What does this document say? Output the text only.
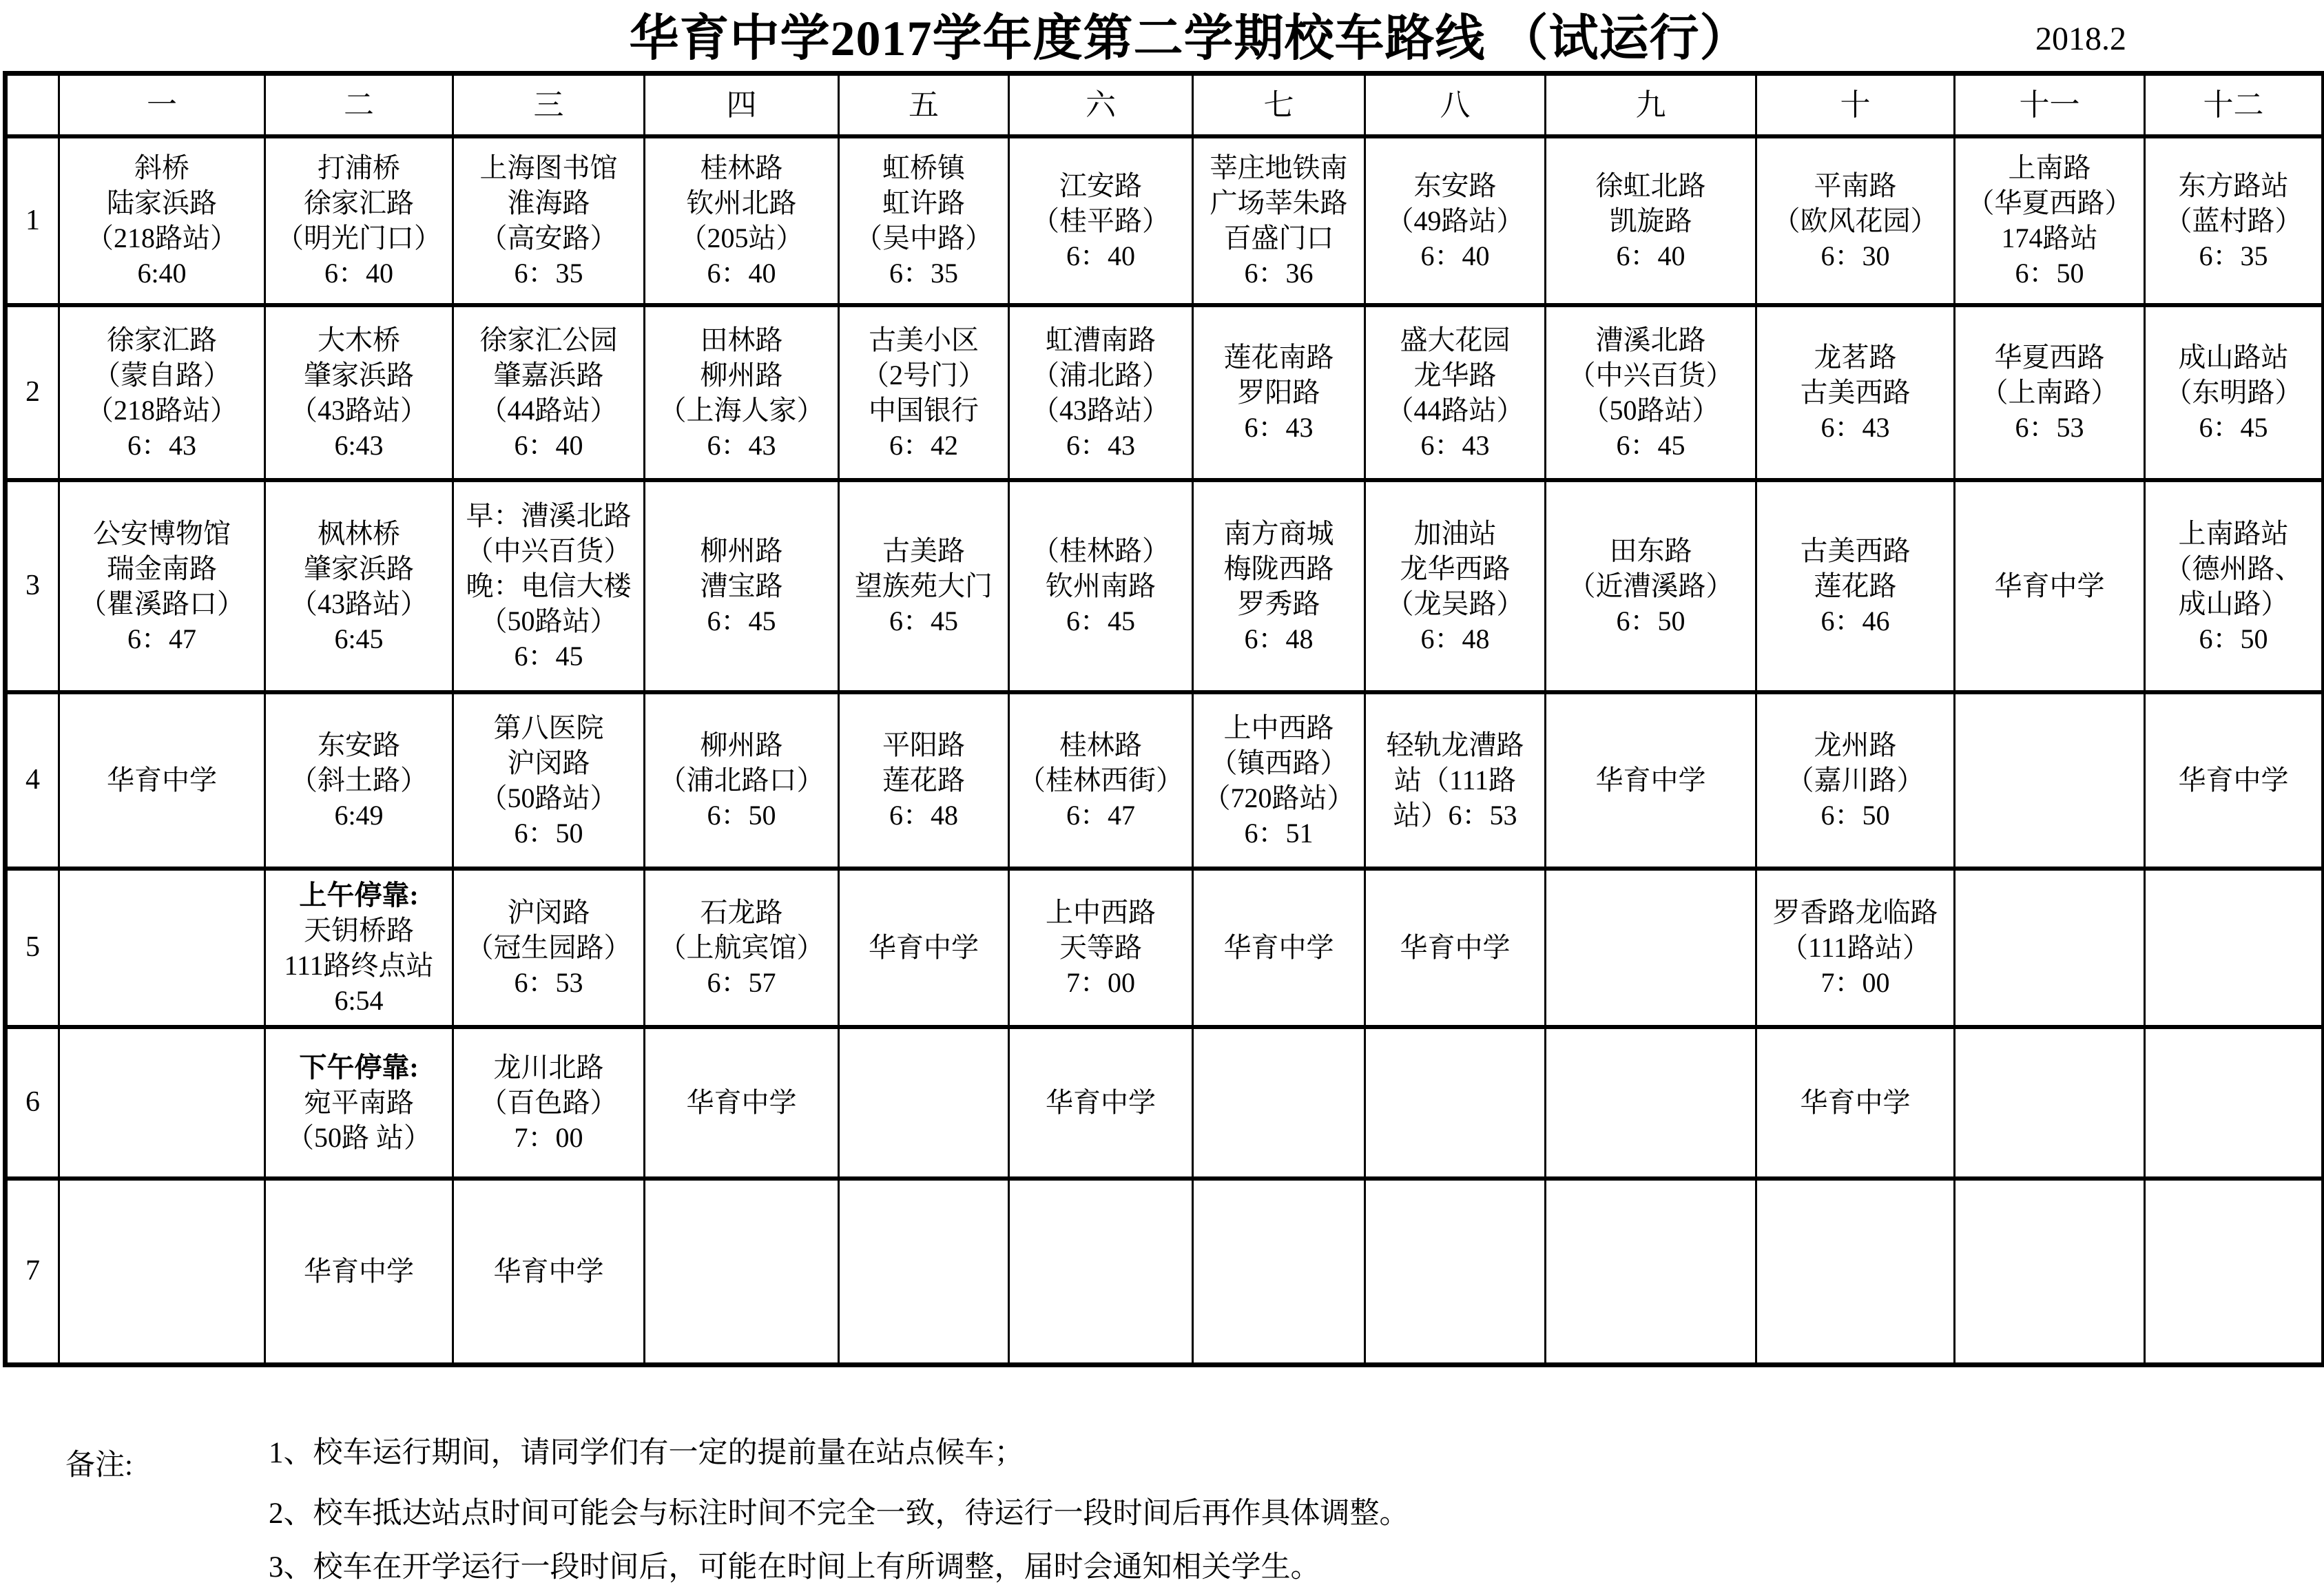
华育中学2017学年度第二学期校车路线 （试运行）	2018.2
	一	二	三	四	五	六	七	八	九	十	十一	十二
1	斜桥
陆家浜路
（218路站）
6:40	打浦桥
徐家汇路
（明光门口）
6：40	上海图书馆
淮海路
（高安路）
6：35	桂林路
钦州北路
（205站）
6：40	虹桥镇
虹许路
（吴中路）
6：35	江安路
（桂平路）
6：40	莘庄地铁南
广场莘朱路
百盛门口
6：36	东安路
（49路站）
6：40	徐虹北路
凯旋路
6：40	平南路
（欧风花园）
6：30	上南路
（华夏西路）
174路站
6：50	东方路站
（蓝村路）
6：35

2	徐家汇路
（蒙自路）
（218路站）
6：43	大木桥
肇家浜路
（43路站）
6:43	徐家汇公园
肇嘉浜路
（44路站）
6：40	田林路
柳州路
（上海人家）
6：43	古美小区
（2号门）
中国银行
6：42	虹漕南路
（浦北路）
（43路站）
6：43	莲花南路
罗阳路
6：43	盛大花园
龙华路
（44路站）
6：43	漕溪北路
（中兴百货）
（50路站）
6：45	龙茗路
古美西路
6：43	华夏西路
（上南路）
6：53	成山路站
（东明路）
6：45

3	公安博物馆
瑞金南路
（瞿溪路口）
6：47	枫林桥
肇家浜路
（43路站）
6:45	早：漕溪北路
（中兴百货）
晚：电信大楼
（50路站）
6：45	柳州路
漕宝路
6：45	古美路
望族苑大门
6：45	（桂林路）
钦州南路
6：45	南方商城
梅陇西路
罗秀路
6：48	加油站
龙华西路
（龙吴路）
6：48	田东路
（近漕溪路）
6：50	古美西路
莲花路
6：46	华育中学	上南路站
（德州路、
成山路）
6：50

4	华育中学	东安路
（斜土路）
6:49	第八医院
沪闵路
（50路站）
6：50	柳州路
（浦北路口）
6：50	平阳路
莲花路
6：48	桂林路
（桂林西街）
6：47	上中西路
（镇西路）
（720路站）
6：51	轻轨龙漕路
站（111路
站）6：53	华育中学	龙州路
（嘉川路）
6：50		华育中学

5		上午停靠:
天钥桥路
111路终点站
6:54	沪闵路
（冠生园路）
6：53	石龙路
（上航宾馆）
6：57	华育中学	上中西路
天等路
7：00	华育中学	华育中学		罗香路龙临路
（111路站）
7：00		

6		下午停靠:
宛平南路
（50路 站）	龙川北路
（百色路）
7：00	华育中学		华育中学				华育中学		

7		华育中学	华育中学									

备注:	1、校车运行期间，请同学们有一定的提前量在站点候车；
2、校车抵达站点时间可能会与标注时间不完全一致，待运行一段时间后再作具体调整。
3、校车在开学运行一段时间后，可能在时间上有所调整，届时会通知相关学生。
